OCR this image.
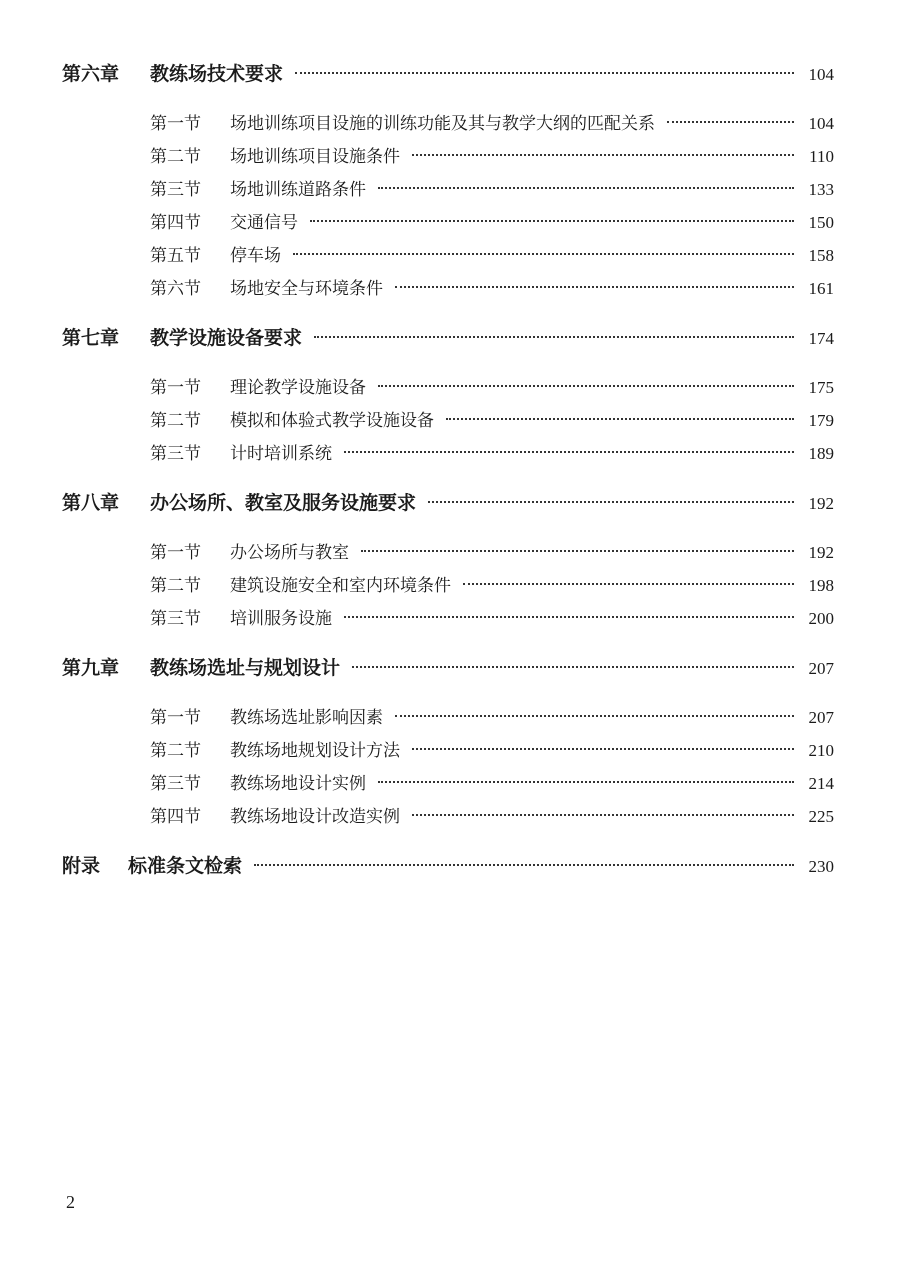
第六章	教练场技术要求	104
第一节	场地训练项目设施的训练功能及其与教学大纲的匹配关系	104
第二节	场地训练项目设施条件	110
第三节	场地训练道路条件	133
第四节	交通信号	150
第五节	停车场	158
第六节	场地安全与环境条件	161
第七章	教学设施设备要求	174
第一节	理论教学设施设备	175
第二节	模拟和体验式教学设施设备	179
第三节	计时培训系统	189
第八章	办公场所、教室及服务设施要求	192
第一节	办公场所与教室	192
第二节	建筑设施安全和室内环境条件	198
第三节	培训服务设施	200
第九章	教练场选址与规划设计	207
第一节	教练场选址影响因素	207
第二节	教练场地规划设计方法	210
第三节	教练场地设计实例	214
第四节	教练场地设计改造实例	225
附录	标准条文检索	230
2
